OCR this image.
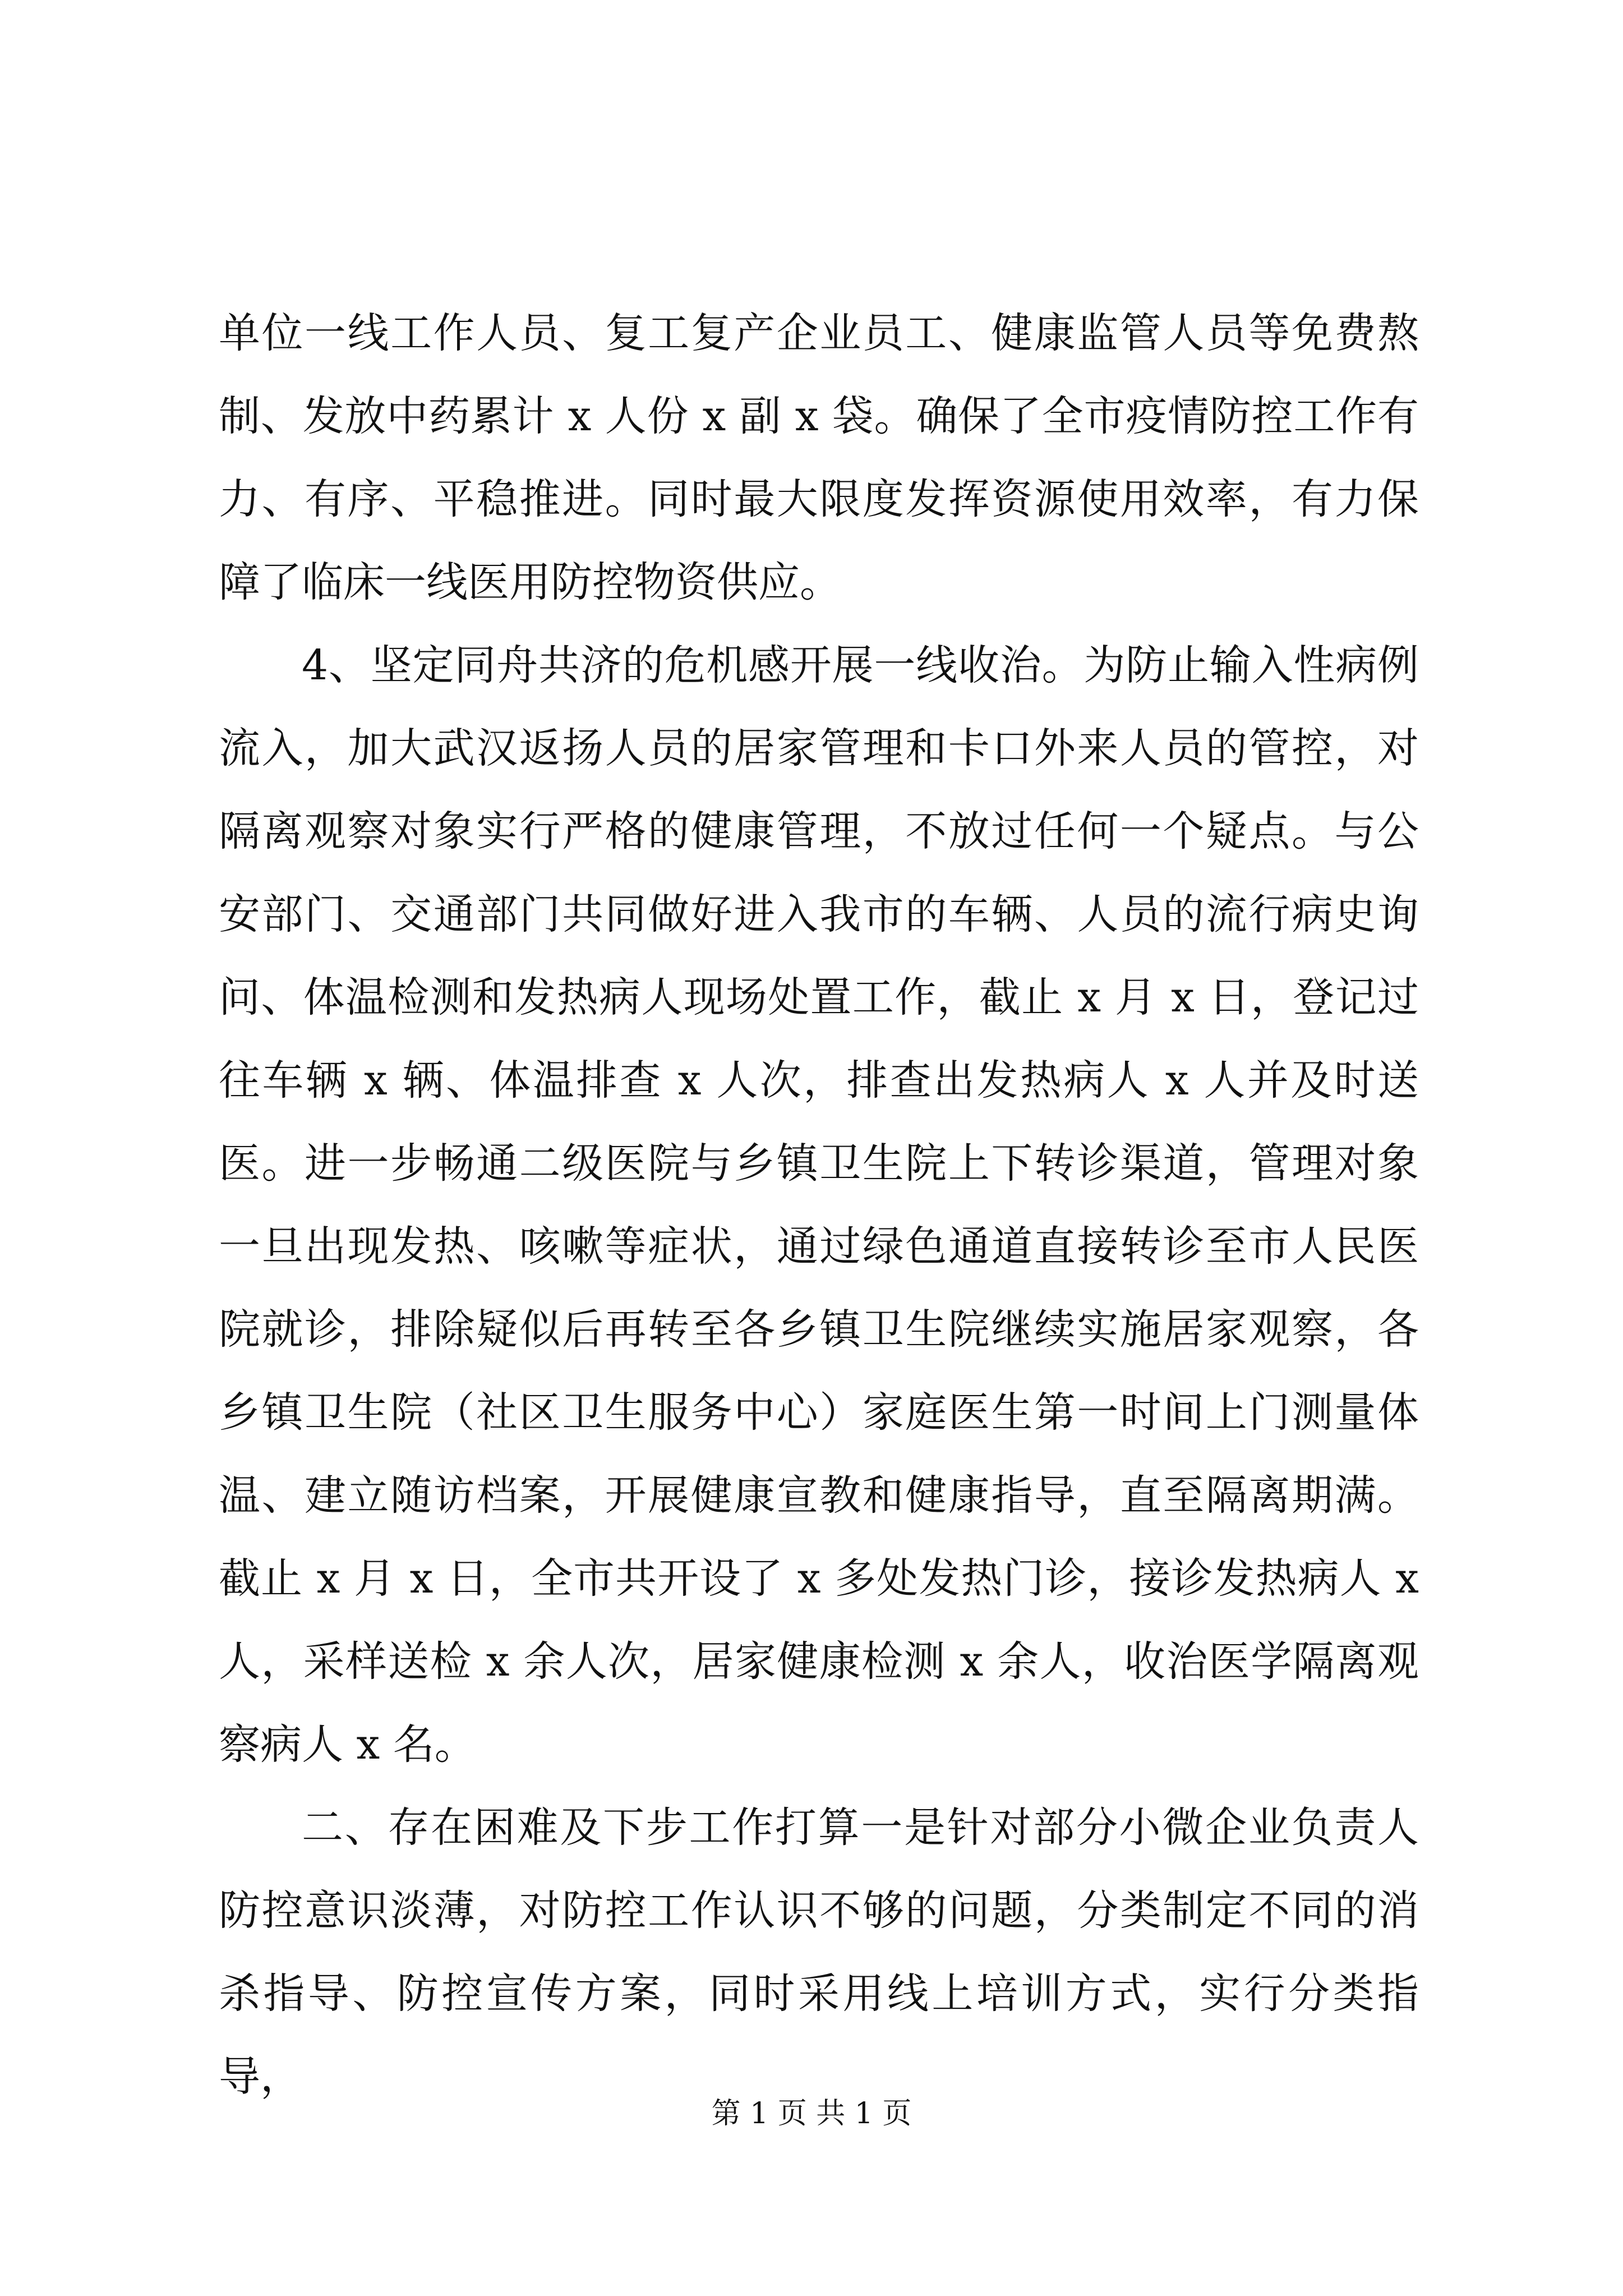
单位一线工作人员、复工复产企业员工、健康监管人员等免费熬制、发放中药累计 x 人份 x 副 x 袋。确保了全市疫情防控工作有力、有序、平稳推进。同时最大限度发挥资源使用效率，有力保障了临床一线医用防控物资供应。

4、坚定同舟共济的危机感开展一线收治。为防止输入性病例流入，加大武汉返扬人员的居家管理和卡口外来人员的管控，对隔离观察对象实行严格的健康管理，不放过任何一个疑点。与公安部门、交通部门共同做好进入我市的车辆、人员的流行病史询问、体温检测和发热病人现场处置工作，截止 x 月 x 日，登记过往车辆 x 辆、体温排查 x 人次，排查出发热病人 x 人并及时送医。进一步畅通二级医院与乡镇卫生院上下转诊渠道，管理对象一旦出现发热、咳嗽等症状，通过绿色通道直接转诊至市人民医院就诊，排除疑似后再转至各乡镇卫生院继续实施居家观察，各乡镇卫生院（社区卫生服务中心）家庭医生第一时间上门测量体温、建立随访档案，开展健康宣教和健康指导，直至隔离期满。截止 x 月 x 日，全市共开设了 x 多处发热门诊，接诊发热病人 x 人，采样送检 x 余人次，居家健康检测 x 余人，收治医学隔离观察病人 x 名。

二、存在困难及下步工作打算一是针对部分小微企业负责人防控意识淡薄，对防控工作认识不够的问题，分类制定不同的消杀指导、防控宣传方案，同时采用线上培训方式，实行分类指导，

第 1 页 共 1 页
